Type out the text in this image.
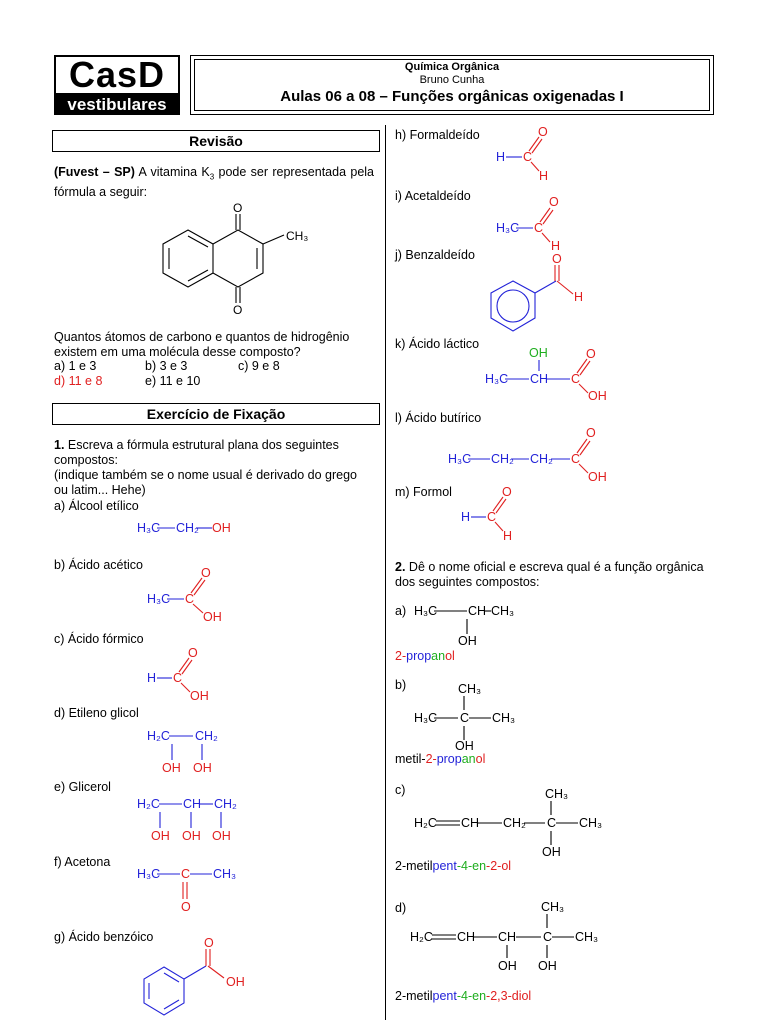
CasD
vestibulares
Química Orgânica
Bruno Cunha
Aulas 06 a 08 – Funções orgânicas oxigenadas I
Revisão
(Fuvest – SP) A vitamina $K_3$ pode ser representada pela fórmula a seguir:
O
O
CH₃
Quantos átomos de carbono e quantos de hidrogênio existem em uma molécula desse composto?
a) 1 e 3	b) 3 e 3	c) 9 e 8
d) 11 e 8	e) 11 e 10
Exercício de Fixação
1. Escreva a fórmula estrutural plana dos seguintes compostos:
(indique também se o nome usual é derivado do grego ou latim... Hehe)
a) Álcool etílico
b) Ácido acético
c) Ácido fórmico
d) Etileno glicol
e) Glicerol
f) Acetona
g) Ácido benzóico
H₃C CH₂ OH
H₃C C
O
OH
H C
O
OH
H₂C CH₂
OH OH
H₂C CH CH₂
OH OH OH
H₃C C CH₃
O
O
OH
h) Formaldeído
i) Acetaldeído
j) Benzaldeído
k) Ácido láctico
l) Ácido butírico
m) Formol
2. Dê o nome oficial e escreva qual é a função orgânica dos seguintes compostos:
a)
b)
c)
d)
2-propanol
metil-2-propanol
2-metilpent-4-en-2-ol
2-metilpent-4-en-2,3-diol
H C
O
H
H₃C C
O
H
O
H
OH
H₃C CH C
O
OH
H₃C CH₂ CH₂ C
O
OH
H C
O
H
H₃C CH CH₃
OH
CH₃
H₃C C CH₃
OH
CH₃
H₂C CH CH₂ C CH₃
OH
CH₃
H₂C CH CH C CH₃
OH OH
